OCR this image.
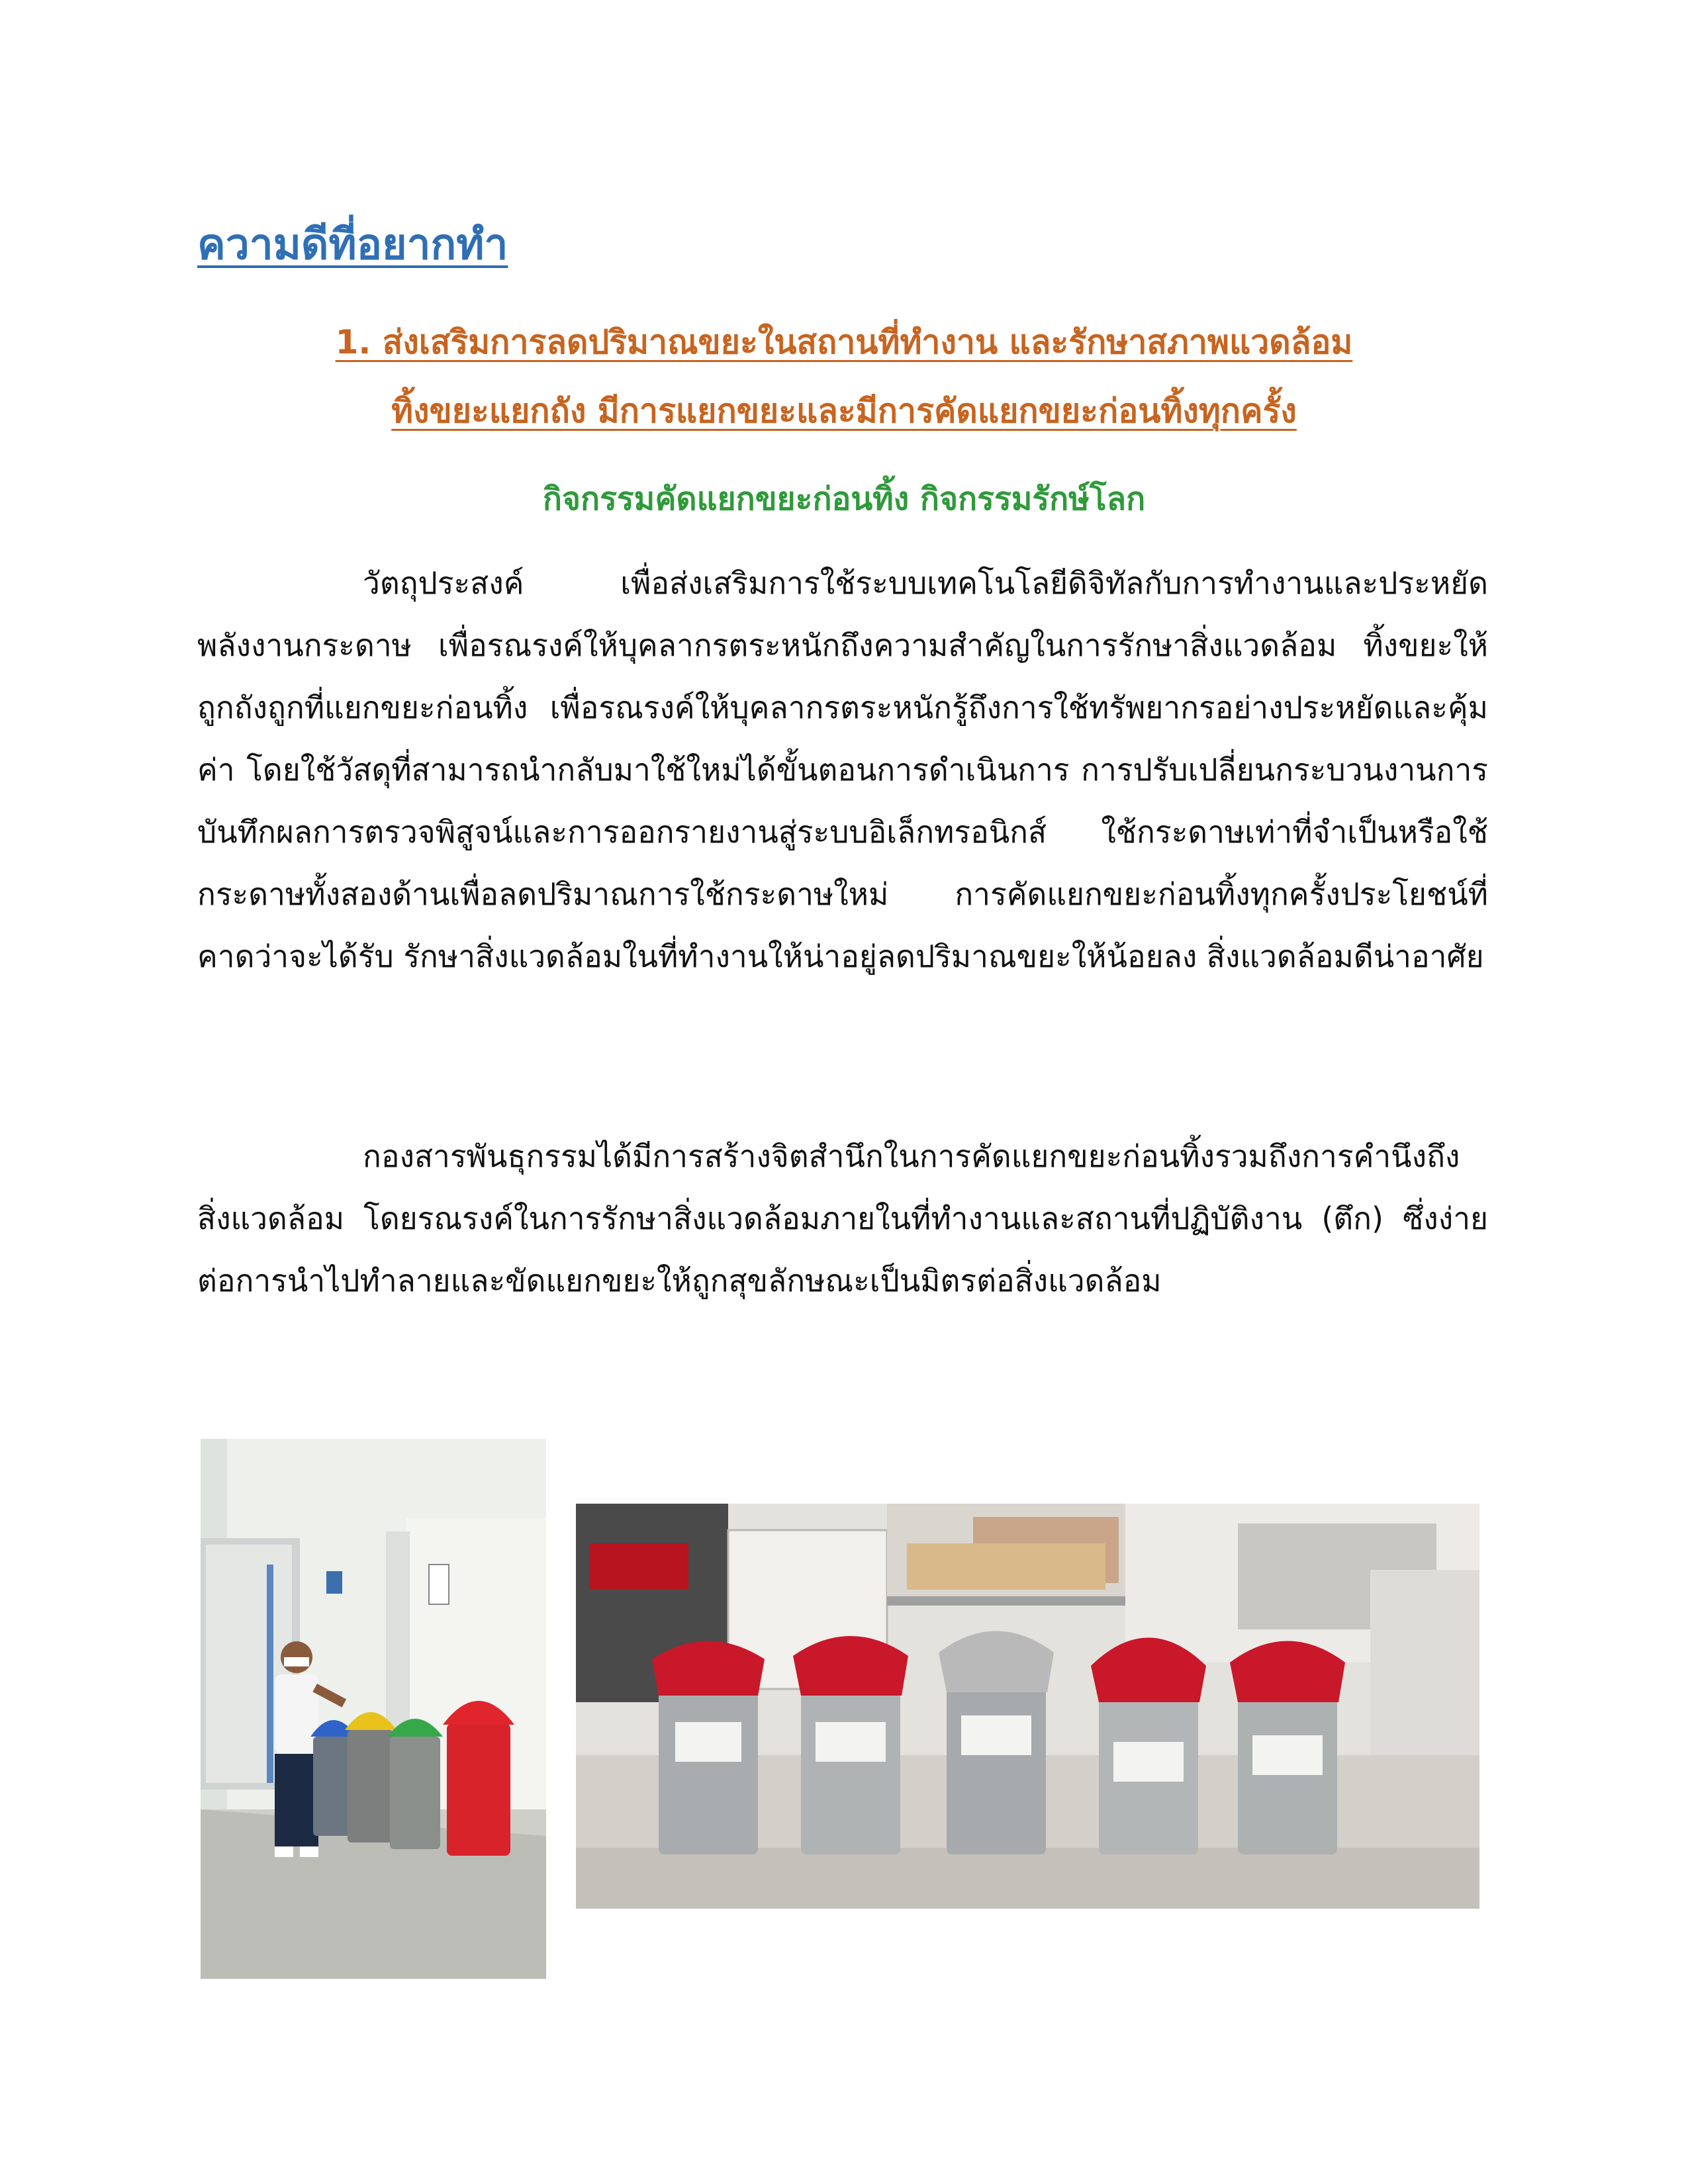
ความดีที่อยากทำ
1. ส่งเสริมการลดปริมาณขยะในสถานที่ทำงาน และรักษาสภาพแวดล้อม
ทิ้งขยะแยกถัง มีการแยกขยะและมีการคัดแยกขยะก่อนทิ้งทุกครั้ง
กิจกรรมคัดแยกขยะก่อนทิ้ง กิจกรรมรักษ์โลก

วัตถุประสงค์ เพื่อส่งเสริมการใช้ระบบเทคโนโลยีดิจิทัลกับการทำงานและประหยัดพลังงานกระดาษ เพื่อรณรงค์ให้บุคลากรตระหนักถึงความสำคัญในการรักษาสิ่งแวดล้อม ทิ้งขยะให้ถูกถังถูกที่แยกขยะก่อนทิ้ง เพื่อรณรงค์ให้บุคลากรตระหนักรู้ถึงการใช้ทรัพยากรอย่างประหยัดและคุ้มค่า โดยใช้วัสดุที่สามารถนำกลับมาใช้ใหม่ได้ขั้นตอนการดำเนินการ การปรับเปลี่ยนกระบวนงานการบันทึกผลการตรวจพิสูจน์และการออกรายงานสู่ระบบอิเล็กทรอนิกส์ ใช้กระดาษเท่าที่จำเป็นหรือใช้กระดาษทั้งสองด้านเพื่อลดปริมาณการใช้กระดาษใหม่ การคัดแยกขยะก่อนทิ้งทุกครั้งประโยชน์ที่คาดว่าจะได้รับ รักษาสิ่งแวดล้อมในที่ทำงานให้น่าอยู่ลดปริมาณขยะให้น้อยลง สิ่งแวดล้อมดีน่าอาศัย

กองสารพันธุกรรมได้มีการสร้างจิตสำนึกในการคัดแยกขยะก่อนทิ้งรวมถึงการคำนึงถึงสิ่งแวดล้อม โดยรณรงค์ในการรักษาสิ่งแวดล้อมภายในที่ทำงานและสถานที่ปฏิบัติงาน (ตึก) ซึ่งง่ายต่อการนำไปทำลายและขัดแยกขยะให้ถูกสุขลักษณะเป็นมิตรต่อสิ่งแวดล้อม
